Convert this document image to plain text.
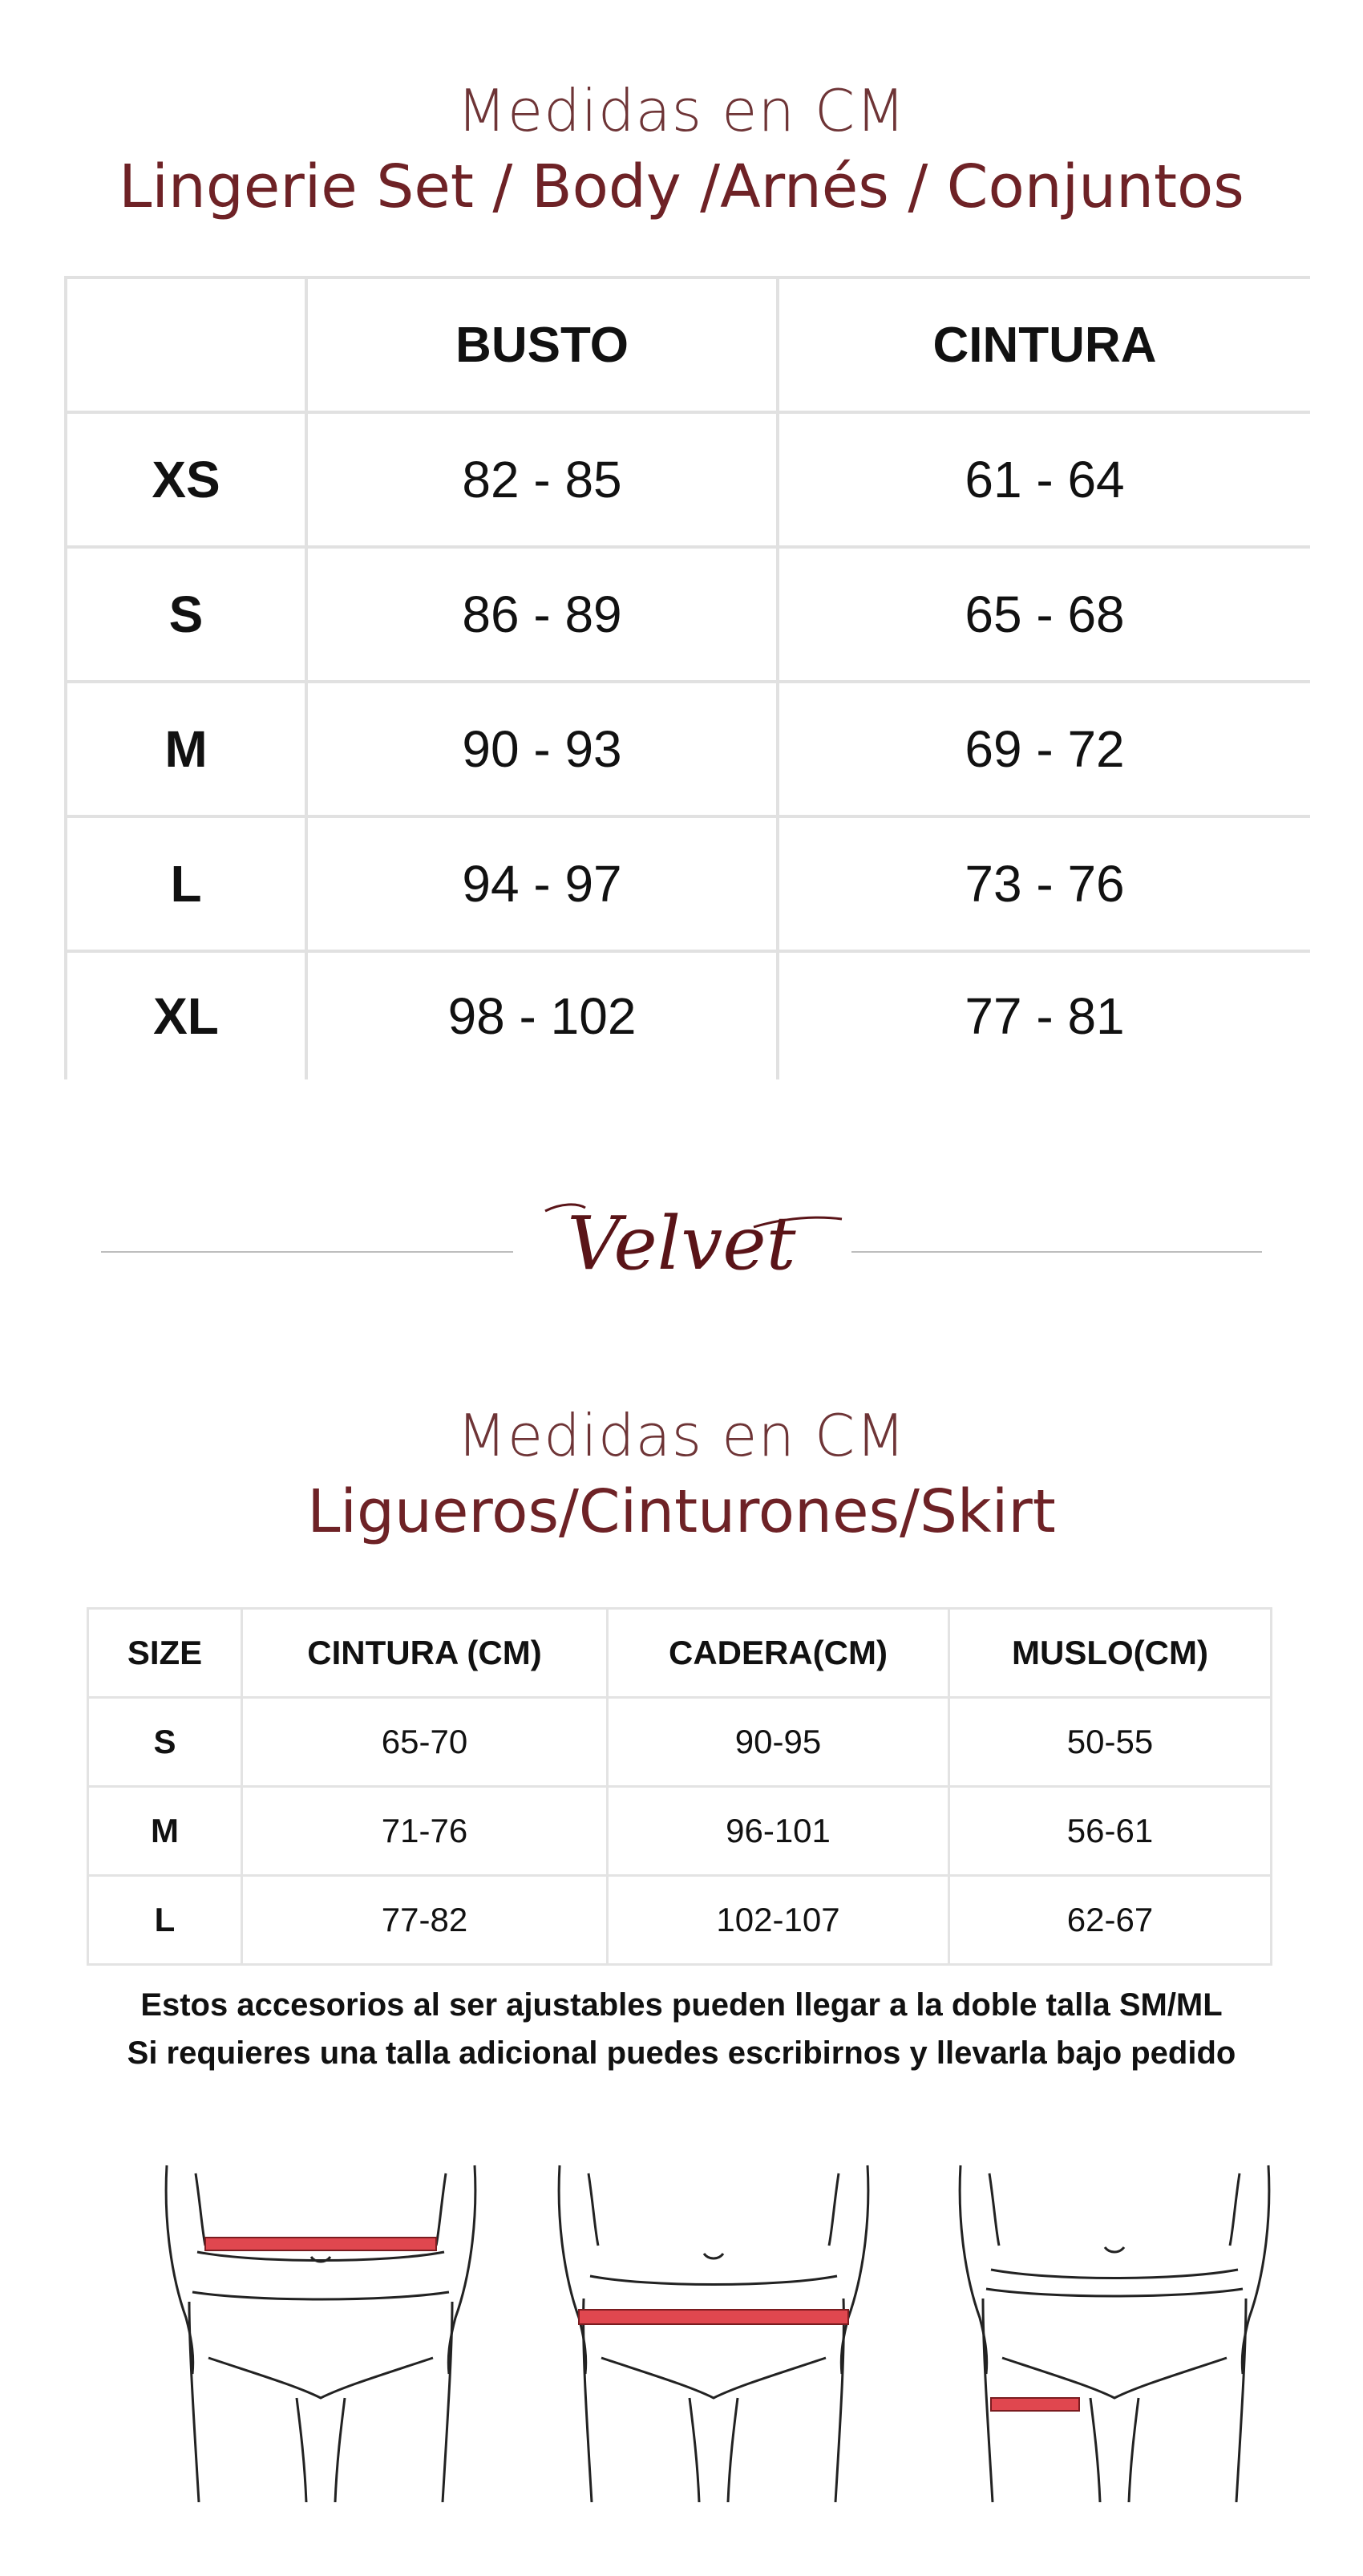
Medidas en CM
Lingerie Set / Body /Arnés / Conjuntos
	BUSTO	CINTURA
XS	82 - 85	61 - 64
S	86 - 89	65 - 68
M	90 - 93	69 - 72
L	94 - 97	73 - 76
XL	98 - 102	77 - 81
Velvet
Medidas en CM
Ligueros/Cinturones/Skirt
SIZE	CINTURA (CM)	CADERA(CM)	MUSLO(CM)
S	65-70	90-95	50-55
M	71-76	96-101	56-61
L	77-82	102-107	62-67
Estos accesorios al ser ajustables pueden llegar a la doble talla SM/ML
Si requieres una talla adicional puedes escribirnos y llevarla bajo pedido
